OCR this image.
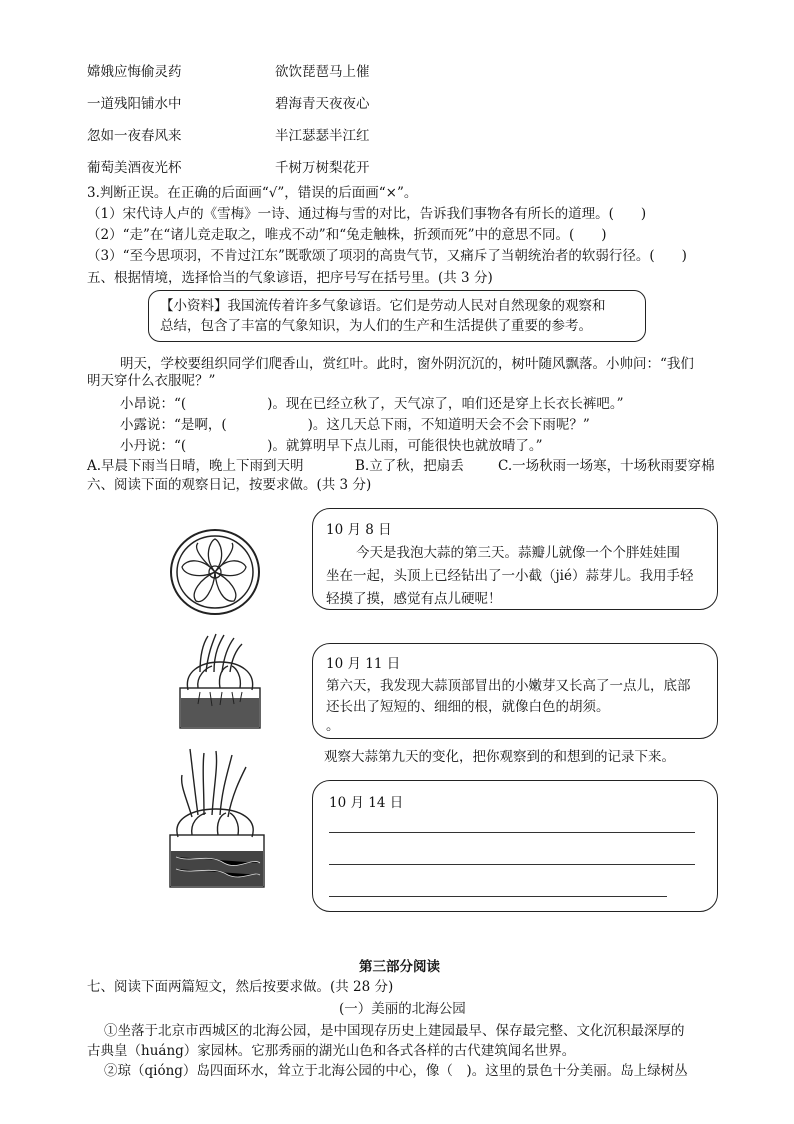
嫦娥应悔偷灵药	欲饮琵琶马上催
一道残阳铺水中	碧海青天夜夜心
忽如一夜春风来	半江瑟瑟半江红
葡萄美酒夜光杯	千树万树梨花开
3.判断正误。在正确的后面画“√”，错误的后面画“×”。
（1）宋代诗人卢的《雪梅》一诗、通过梅与雪的对比，告诉我们事物各有所长的道理。(　　)
（2）“走”在“诸儿竞走取之，唯戎不动”和“兔走触株，折颈而死”中的意思不同。(　　)
（3）“至今思项羽，不肯过江东”既歌颂了项羽的高贵气节，又痛斥了当朝统治者的软弱行径。(　　)
五、根据情境，选择恰当的气象谚语，把序号写在括号里。(共 3 分)
【小资料】我国流传着许多气象谚语。它们是劳动人民对自然现象的观察和
总结，包含了丰富的气象知识，为人们的生产和生活提供了重要的参考。
明天，学校要组织同学们爬香山，赏红叶。此时，窗外阴沉沉的，树叶随风飘落。小帅问：“我们
明天穿什么衣服呢？”
小昂说：“(　　　　　　)。现在已经立秋了，天气凉了，咱们还是穿上长衣长裤吧。”
小露说：“是啊，(　　　　　　)。这几天总下雨，不知道明天会不会下雨呢？”
小丹说：“(　　　　　　)。就算明早下点儿雨，可能很快也就放晴了。”
A.早晨下雨当日晴，晚上下雨到天明	B.立了秋，把扇丢	C.一场秋雨一场寒，十场秋雨要穿棉
六、阅读下面的观察日记，按要求做。(共 3 分)
10 月 8 日
今天是我泡大蒜的第三天。蒜瓣儿就像一个个胖娃娃围
坐在一起，头顶上已经钻出了一小截（jié）蒜芽儿。我用手轻
轻摸了摸，感觉有点儿硬呢！
10 月 11 日
第六天，我发现大蒜顶部冒出的小嫩芽又长高了一点儿，底部
还长出了短短的、细细的根，就像白色的胡须。
。
观察大蒜第九天的变化，把你观察到的和想到的记录下来。
10 月 14 日
第三部分阅读
七、阅读下面两篇短文，然后按要求做。(共 28 分)
(一）美丽的北海公园
①坐落于北京市西城区的北海公园，是中国现存历史上建园最早、保存最完整、文化沉积最深厚的
古典皇（huáng）家园林。它那秀丽的湖光山色和各式各样的古代建筑闻名世界。
②琼（qióng）岛四面环水，耸立于北海公园的中心，像（　)。这里的景色十分美丽。岛上绿树丛
